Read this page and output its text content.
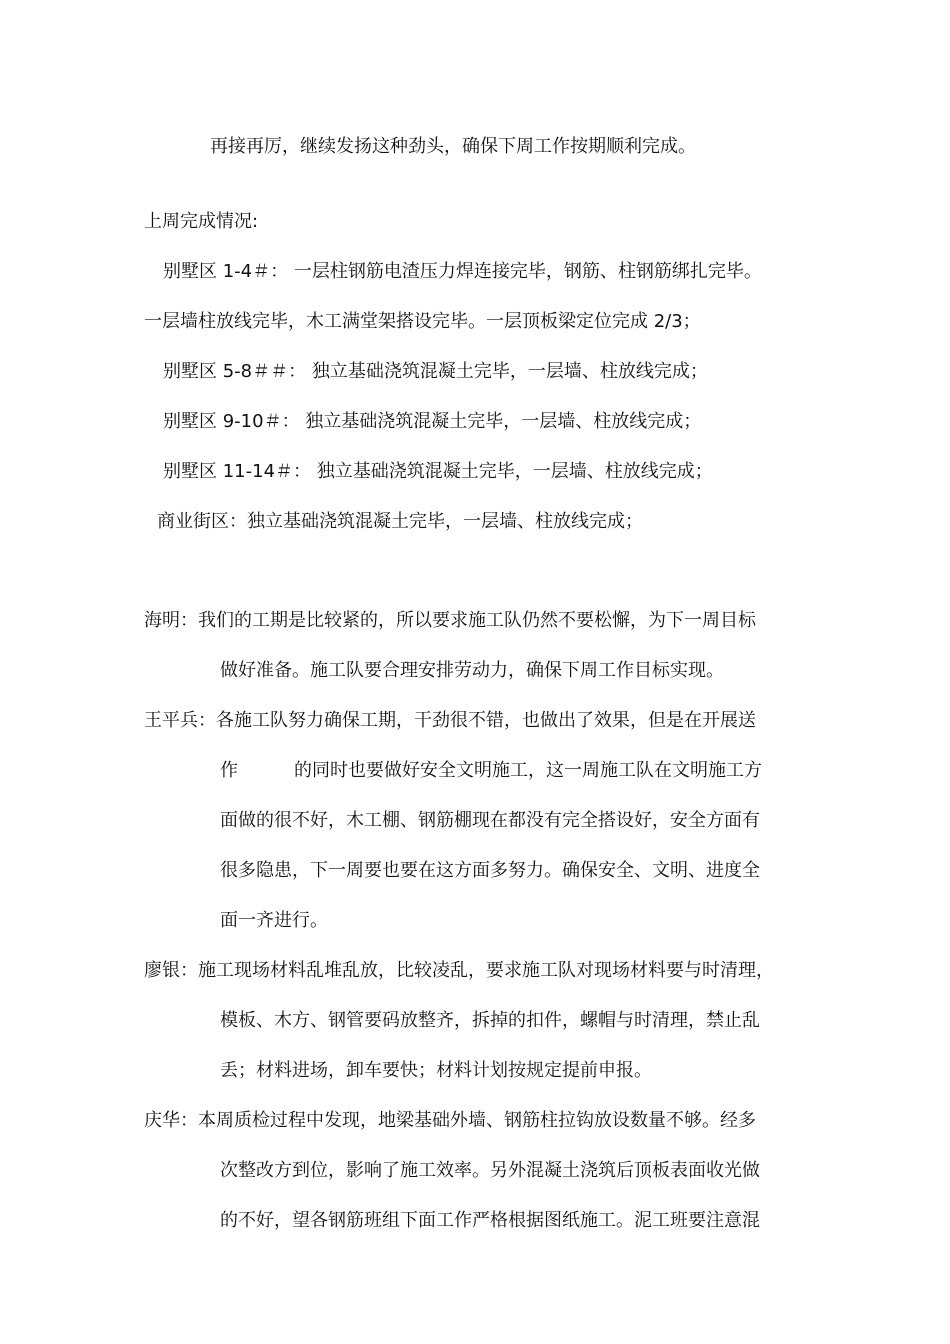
再接再厉，继续发扬这种劲头，确保下周工作按期顺利完成。
上周完成情况:
别墅区 1-4＃： 一层柱钢筋电渣压力焊连接完毕，钢筋、柱钢筋绑扎完毕。
一层墙柱放线完毕，木工满堂架搭设完毕。一层顶板梁定位完成 2/3；
别墅区 5-8＃＃： 独立基础浇筑混凝土完毕，一层墙、柱放线完成；
别墅区 9-10＃： 独立基础浇筑混凝土完毕，一层墙、柱放线完成；
别墅区 11-14＃： 独立基础浇筑混凝土完毕，一层墙、柱放线完成；
商业街区：独立基础浇筑混凝土完毕，一层墙、柱放线完成；
海明：我们的工期是比较紧的，所以要求施工队仍然不要松懈，为下一周目标
做好准备。施工队要合理安排劳动力，确保下周工作目标实现。
王平兵：各施工队努力确保工期，干劲很不错，也做出了效果，但是在开展送
作	的同时也要做好安全文明施工，这一周施工队在文明施工方
面做的很不好，木工棚、钢筋棚现在都没有完全搭设好，安全方面有
很多隐患，下一周要也要在这方面多努力。确保安全、文明、进度全
面一齐进行。
廖银：施工现场材料乱堆乱放，比较凌乱，要求施工队对现场材料要与时清理，
模板、木方、钢管要码放整齐，拆掉的扣件，螺帽与时清理，禁止乱
丢；材料进场，卸车要快；材料计划按规定提前申报。
庆华：本周质检过程中发现，地梁基础外墙、钢筋柱拉钩放设数量不够。经多
次整改方到位，影响了施工效率。另外混凝土浇筑后顶板表面收光做
的不好，望各钢筋班组下面工作严格根据图纸施工。泥工班要注意混
